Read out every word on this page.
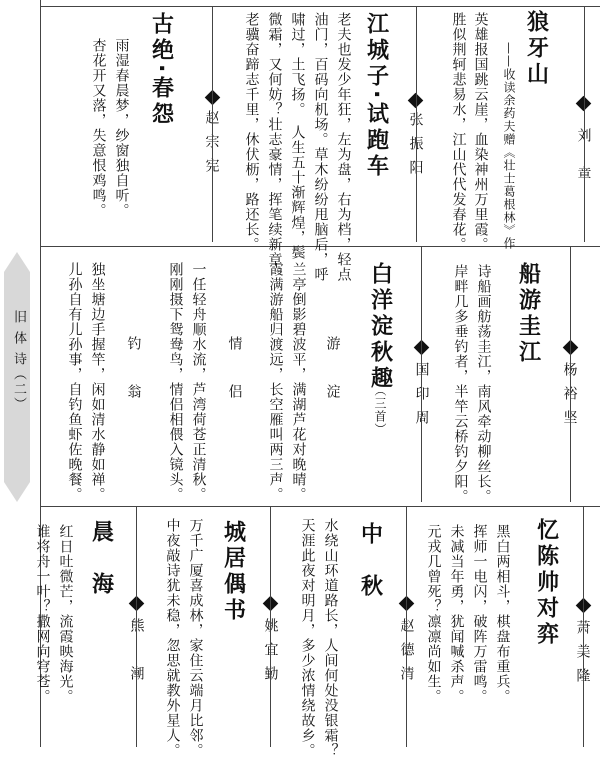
旧 体 诗（二）
狼牙山
刘 章
——收读余药夫赠《壮士葛根林》作
英雄报国跳云崖，血染神州万里霞。
胜似荆轲悲易水，江山代代发春花。
江城子·试跑车 张振阳
老夫也发少年狂，左为盘，右为档，轻点
油门，百码向机场。草木纷纷甩脑后，呼
啸过，土飞扬。　人生五十渐辉煌，鬓
微霜，又何妨？壮志豪情，挥笔续新章。
老骥奋蹄志千里，休伏枥，路还长。
古绝·春怨
赵宗宪
雨湿春晨梦，纱窗独自听。
杏花开又落，失意恨鸡鸣。
船游圭江
杨裕坚
诗船画舫荡圭江，南风牵动柳丝长。
岸畔几多垂钓者，半竿云桥钓夕阳。
白洋淀秋趣
（三首） 国印周
游　淀
兰亭倒影碧波平，满湖芦花对晚晴。
霞满游船归渡远，长空雁叫两三声。
情　侣
一任轻舟顺水流，芦湾荷苍正清秋。
刚刚摄下鸳鸯鸟，情侣相偎入镜头。
钓　翁
独坐塘边手握竿，闲如清水静如禅。
儿孙自有儿孙事，自钓鱼虾佐晚餐。
忆陈帅对弈
萧美隆
黑白两相斗，棋盘布重兵。
挥师一电闪，破阵万雷鸣。
未减当年勇，犹闻喊杀声。
元戎几曾死？凛凛尚如生。
中　秋
赵德清
水绕山环道路长，人间何处没银霜？
天涯此夜对明月，多少浓情绕故乡。
城居偶书
姚宜勤
万千广厦喜成林，家住云端月比邻。
中夜敲诗犹未稳，忽思就教外星人。
晨　海
熊　潮
红日吐微芒，流霞映海光。
谁将舟一叶？撒网向穹苍。
